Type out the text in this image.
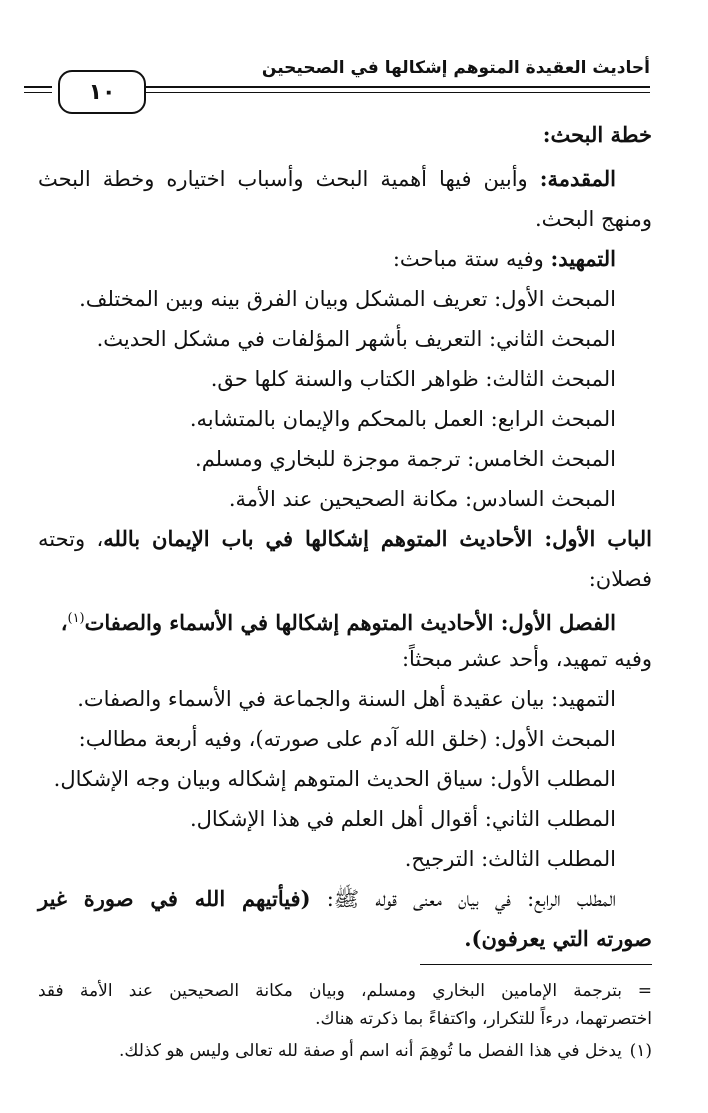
أحاديث العقيدة المتوهم إشكالها في الصحيحين
١٠
خطة البحث:
المقدمة: وأبين فيها أهمية البحث وأسباب اختياره وخطة البحث
ومنهج البحث.
التمهيد: وفيه ستة مباحث:
المبحث الأول: تعريف المشكل وبيان الفرق بينه وبين المختلف.
المبحث الثاني: التعريف بأشهر المؤلفات في مشكل الحديث.
المبحث الثالث: ظواهر الكتاب والسنة كلها حق.
المبحث الرابع: العمل بالمحكم والإيمان بالمتشابه.
المبحث الخامس: ترجمة موجزة للبخاري ومسلم.
المبحث السادس: مكانة الصحيحين عند الأمة.
الباب الأول: الأحاديث المتوهم إشكالها في باب الإيمان بالله، وتحته
فصلان:
الفصل الأول: الأحاديث المتوهم إشكالها في الأسماء والصفات$^{(١)}$،
وفيه تمهيد، وأحد عشر مبحثاً:
التمهيد: بيان عقيدة أهل السنة والجماعة في الأسماء والصفات.
المبحث الأول: (خلق الله آدم على صورته)، وفيه أربعة مطالب:
المطلب الأول: سياق الحديث المتوهم إشكاله وبيان وجه الإشكال.
المطلب الثاني: أقوال أهل العلم في هذا الإشكال.
المطلب الثالث: الترجيح.
المطلب الرابع: في بيان معنى قوله ﷺ: (فيأتيهم الله في صورة غير
صورته التي يعرفون).
=بترجمة الإمامين البخاري ومسلم، وبيان مكانة الصحيحين عند الأمة فقد
اختصرتهما، درءاً للتكرار، واكتفاءً بما ذكرته هناك.
(١)يدخل في هذا الفصل ما تُوهِمَ أنه اسم أو صفة لله تعالى وليس هو كذلك.
